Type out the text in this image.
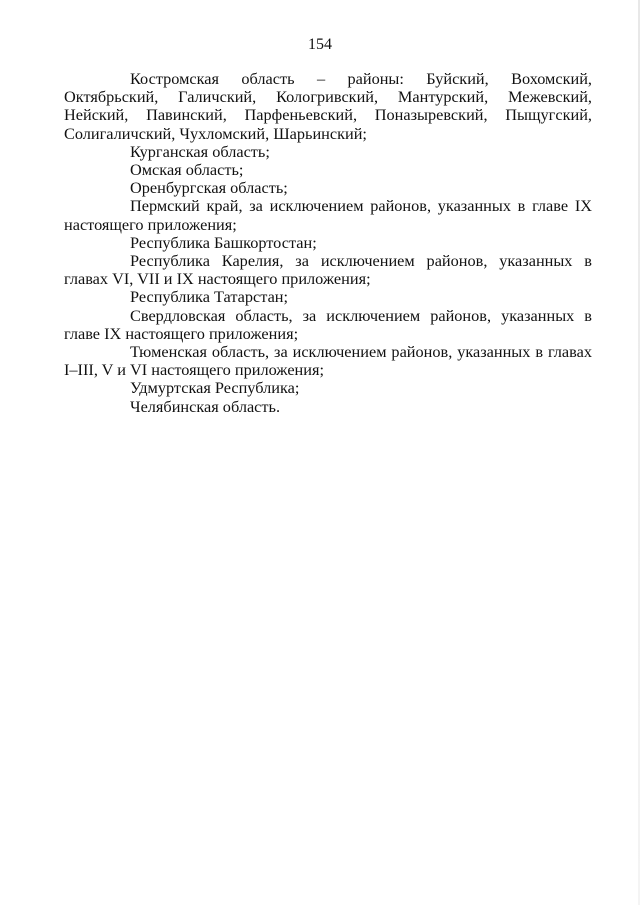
154

Костромская область – районы: Буйский, Вохомский, Октябрьский, Галичский, Кологривский, Мантурский, Межевский, Нейский, Павинский, Парфеньевский, Поназыревский, Пыщугский, Солигаличский, Чухломский, Шарьинский;

Курганская область;

Омская область;

Оренбургская область;

Пермский край, за исключением районов, указанных в главе IX настоящего приложения;

Республика Башкортостан;

Республика Карелия, за исключением районов, указанных в главах VI, VII и IX настоящего приложения;

Республика Татарстан;

Свердловская область, за исключением районов, указанных в главе IX настоящего приложения;

Тюменская область, за исключением районов, указанных в главах I–III, V и VI настоящего приложения;

Удмуртская Республика;

Челябинская область.
